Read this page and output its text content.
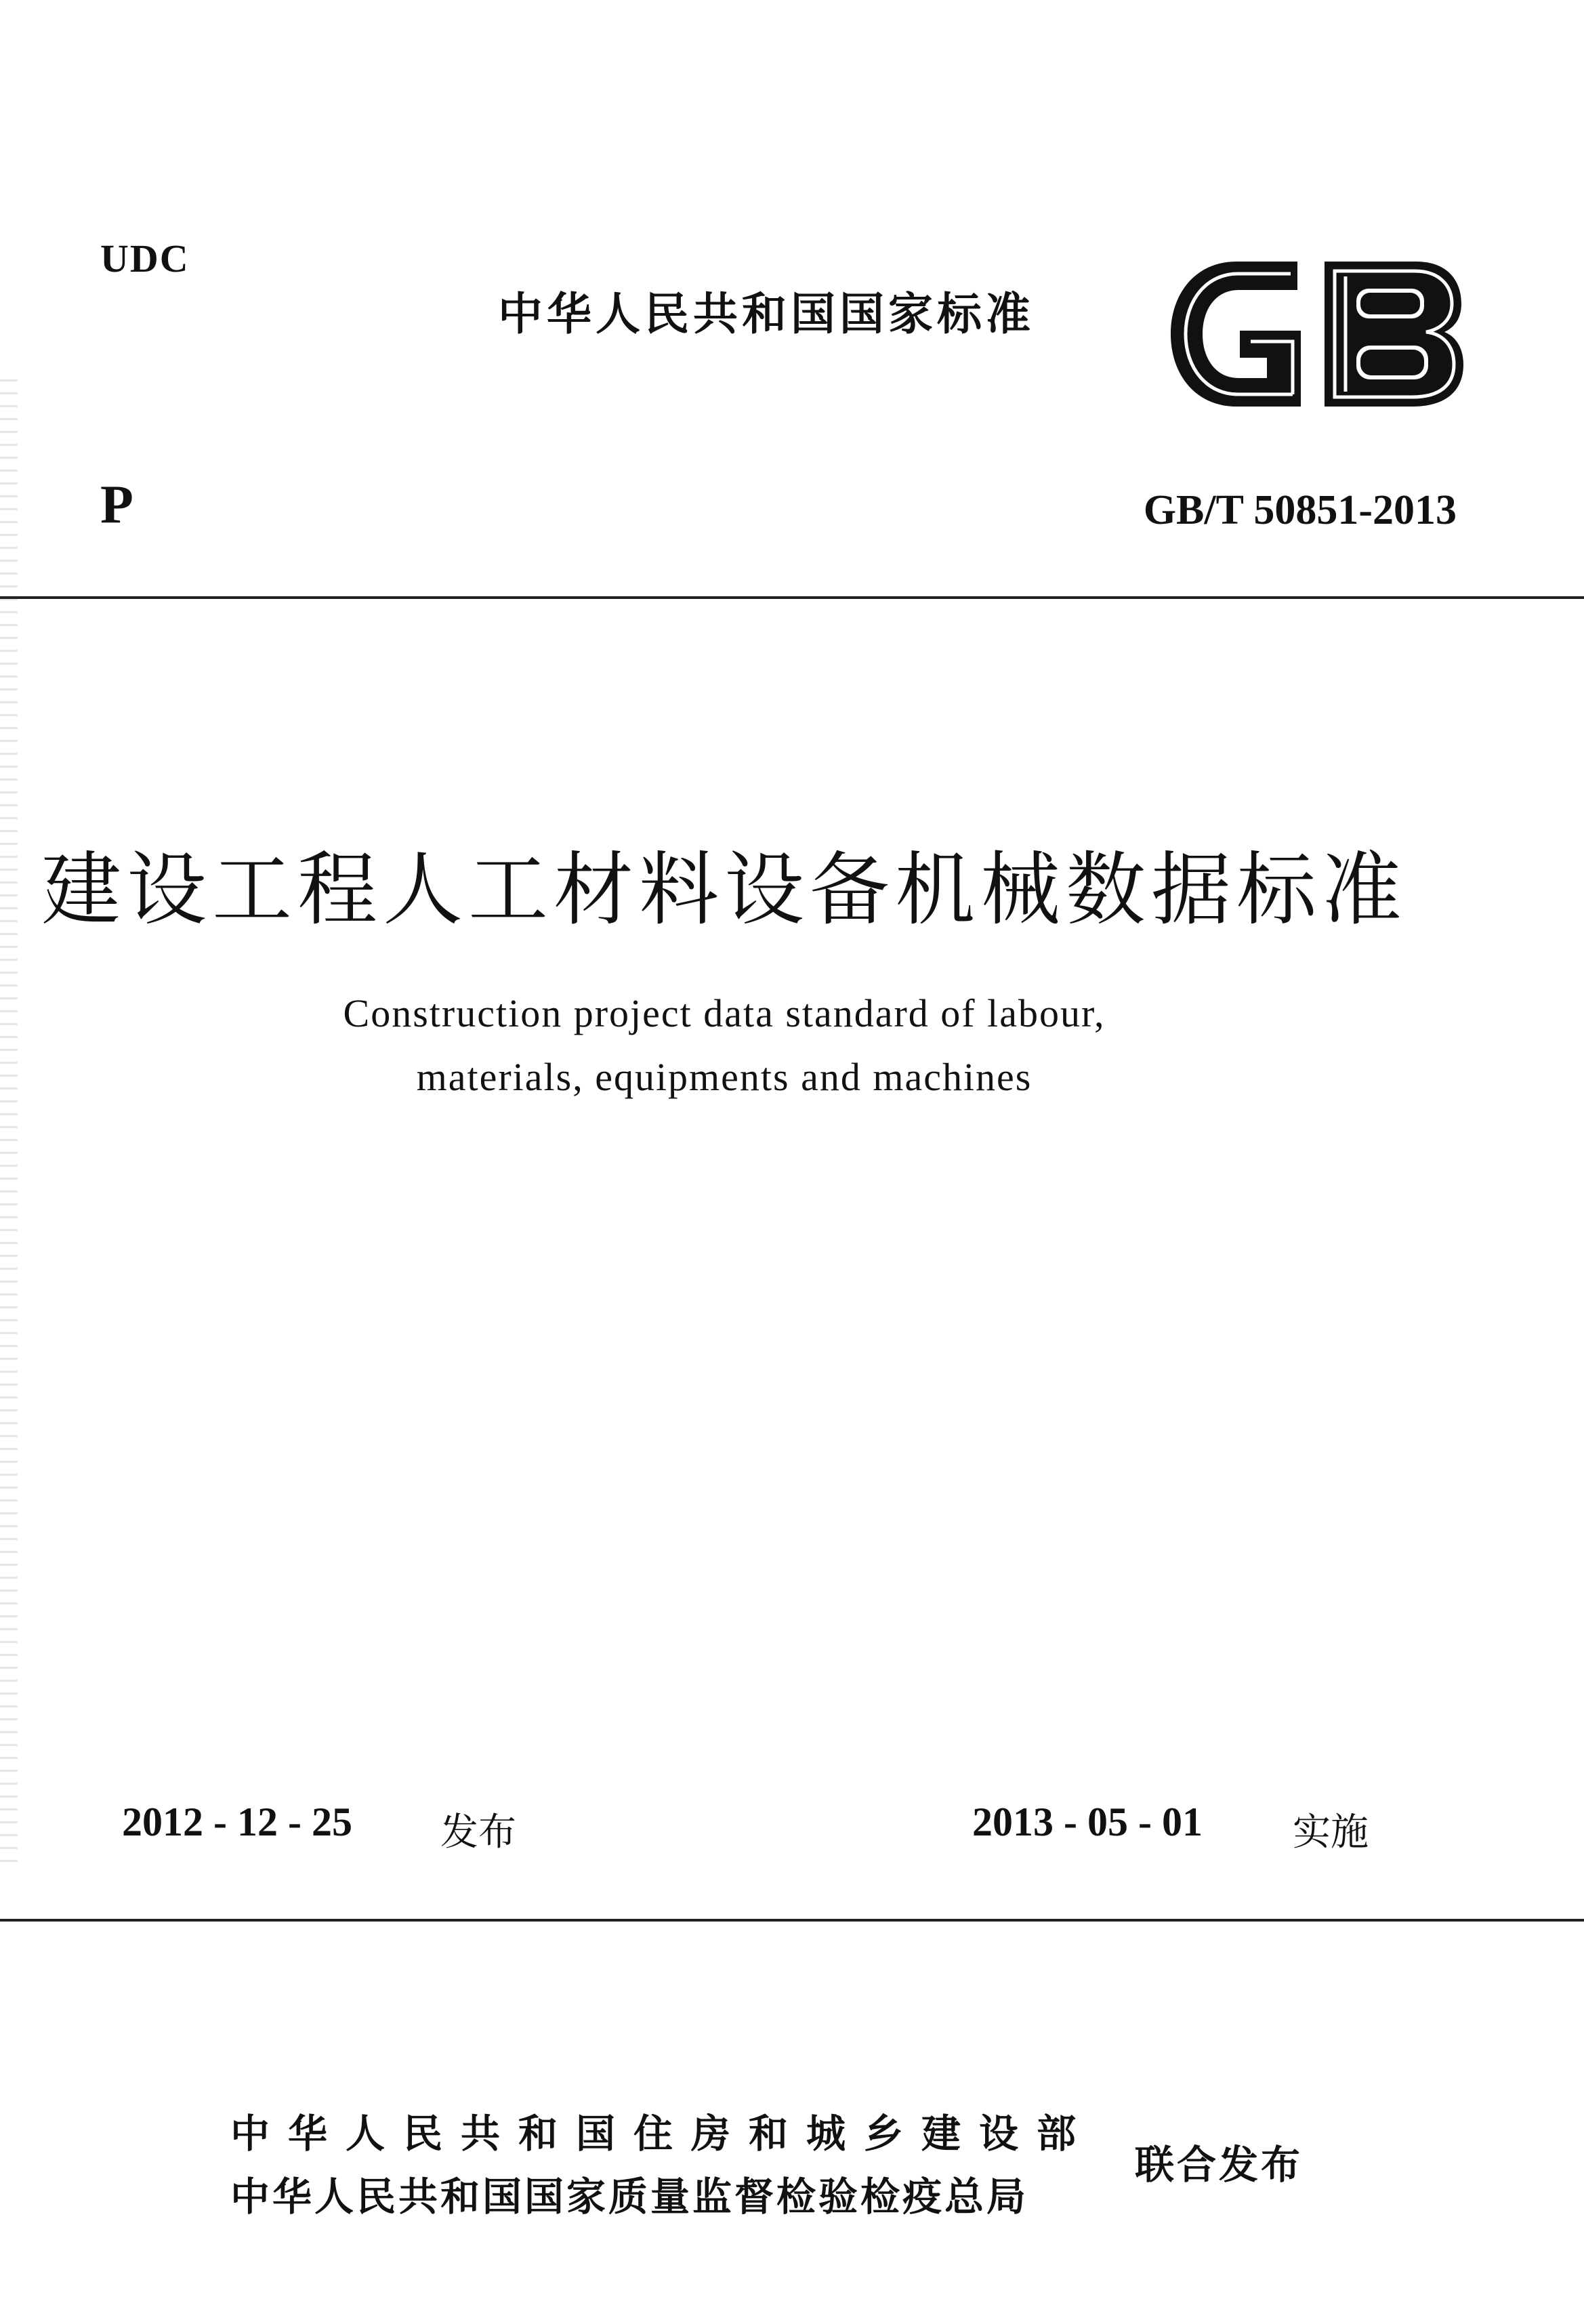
UDC
中华人民共和国国家标准
P	GB/T 50851-2013
建设工程人工材料设备机械数据标准
Construction project data standard of labour,
materials, equipments and machines
2012 - 12 - 25 发布	2013 - 05 - 01 实施
中华人民共和国住房和城乡建设部
中华人民共和国国家质量监督检验检疫总局
联合发布
